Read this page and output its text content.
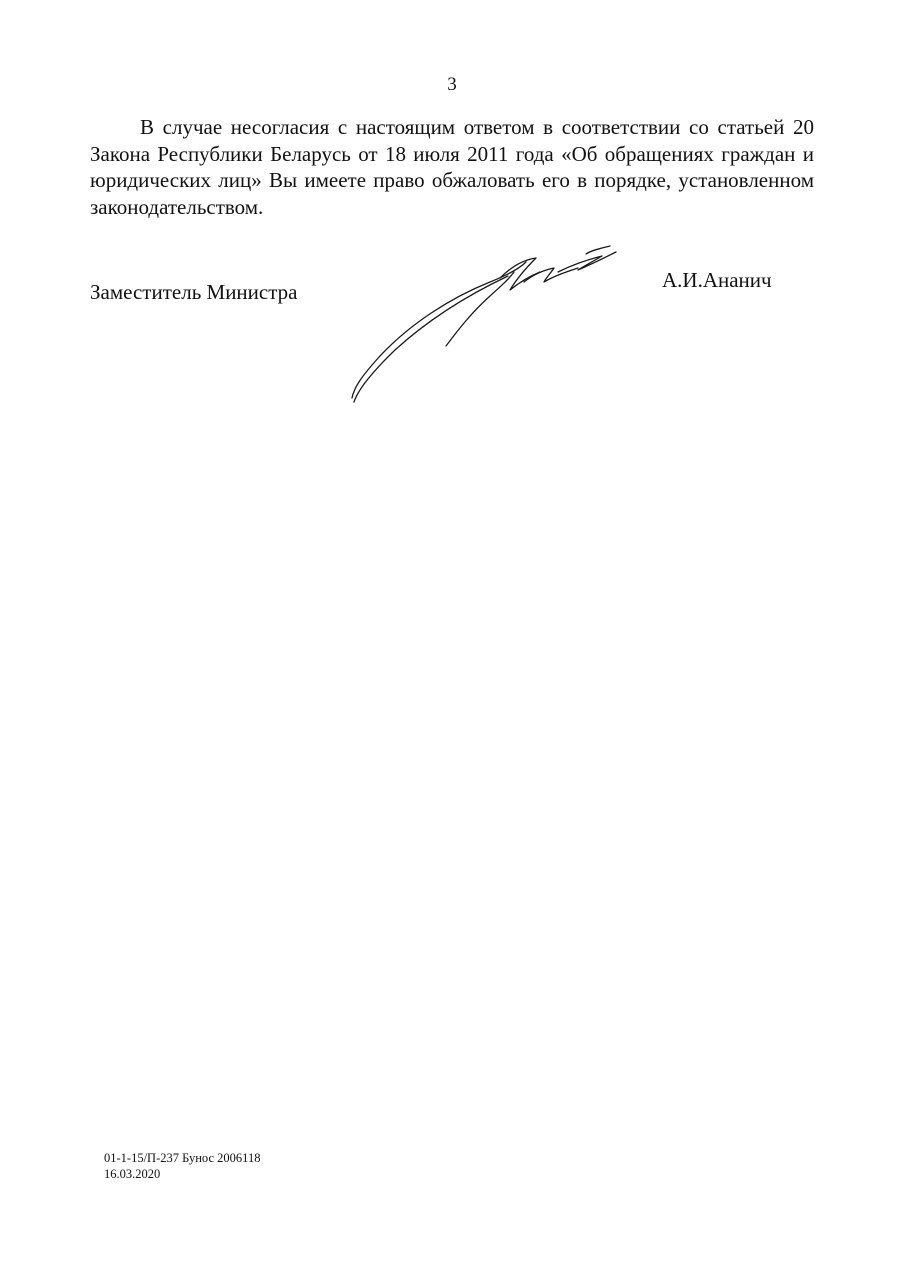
3

В случае несогласия с настоящим ответом в соответствии со статьей 20 Закона Республики Беларусь от 18 июля 2011 года «Об обращениях граждан и юридических лиц» Вы имеете право обжаловать его в порядке, установленном законодательством.

Заместитель Министра	А.И.Ананич
01-1-15/П-237 Бунос 2006118
16.03.2020
